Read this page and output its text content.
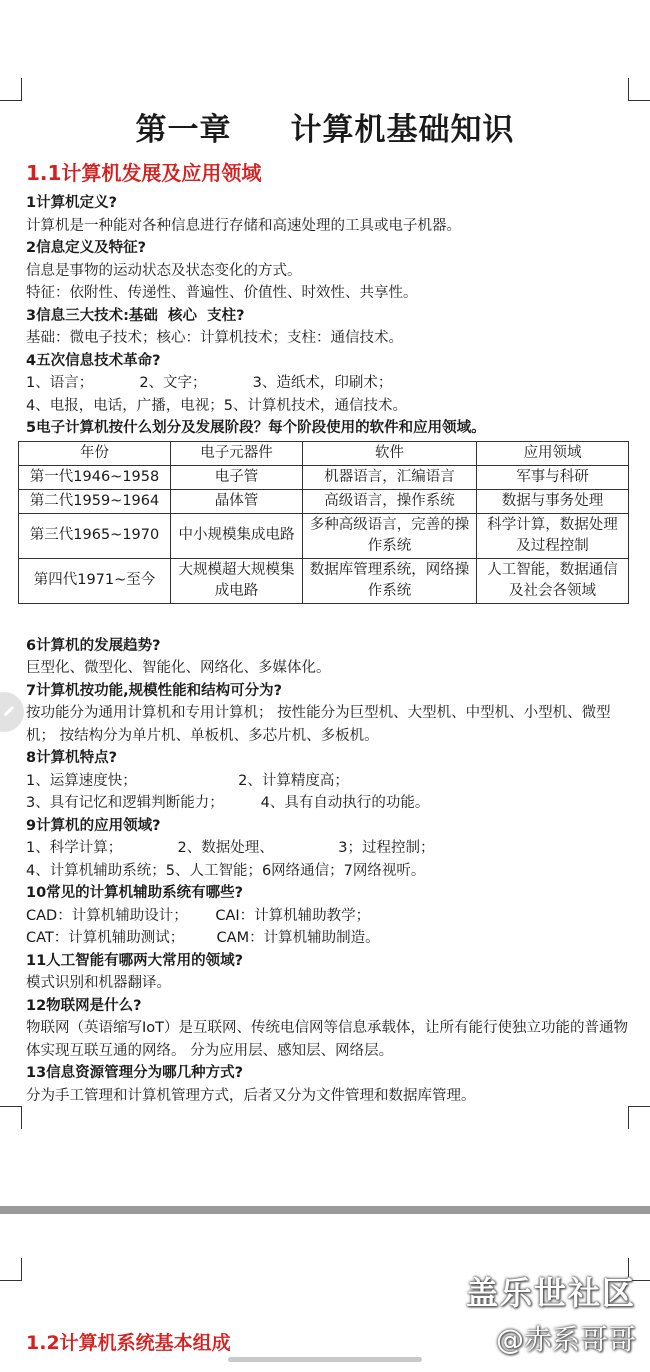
第一章     计算机基础知识
1.1计算机发展及应用领域
1计算机定义?
计算机是一种能对各种信息进行存储和高速处理的工具或电子机器。
2信息定义及特征?
信息是事物的运动状态及状态变化的方式。
特征：依附性、传递性、普遍性、价值性、时效性、共享性。
3信息三大技术:基础  核心  支柱?
基础：微电子技术；核心：计算机技术；支柱：通信技术。
4五次信息技术革命?
1、语言；          2、文字；          3、造纸术，印刷术；
4、电报，电话，广播，电视；5、计算机技术，通信技术。
5电子计算机按什么划分及发展阶段？每个阶段使用的软件和应用领域。
年份	电子元器件	软件	应用领域
第一代1946~1958	电子管	机器语言，汇编语言	军事与科研
第二代1959~1964	晶体管	高级语言，操作系统	数据与事务处理
第三代1965~1970	中小规模集成电路	多种高级语言，完善的操作系统	科学计算，数据处理及过程控制
第四代1971~至今	大规模超大规模集成电路	数据库管理系统，网络操作系统	人工智能，数据通信及社会各领域
6计算机的发展趋势?
巨型化、微型化、智能化、网络化、多媒体化。
7计算机按功能,规模性能和结构可分为?
按功能分为通用计算机和专用计算机； 按性能分为巨型机、大型机、中型机、小型机、微型机； 按结构分为单片机、单板机、多芯片机、多板机。
8计算机特点?
1、运算速度快；                      2、计算精度高；
3、具有记忆和逻辑判断能力；        4、具有自动执行的功能。
9计算机的应用领域?
1、科学计算；            2、数据处理、              3；过程控制；
4、计算机辅助系统；5、人工智能；6网络通信；7网络视听。
10常见的计算机辅助系统有哪些?
CAD：计算机辅助设计；      CAI：计算机辅助教学；
CAT：计算机辅助测试；       CAM：计算机辅助制造。
11人工智能有哪两大常用的领域?
模式识别和机器翻译。
12物联网是什么?
物联网（英语缩写IoT）是互联网、传统电信网等信息承载体，让所有能行使独立功能的普通物体实现互联互通的网络。 分为应用层、感知层、网络层。
13信息资源管理分为哪几种方式?
分为手工管理和计算机管理方式，后者又分为文件管理和数据库管理。
1.2计算机系统基本组成
盖乐世社区
@赤系哥哥
